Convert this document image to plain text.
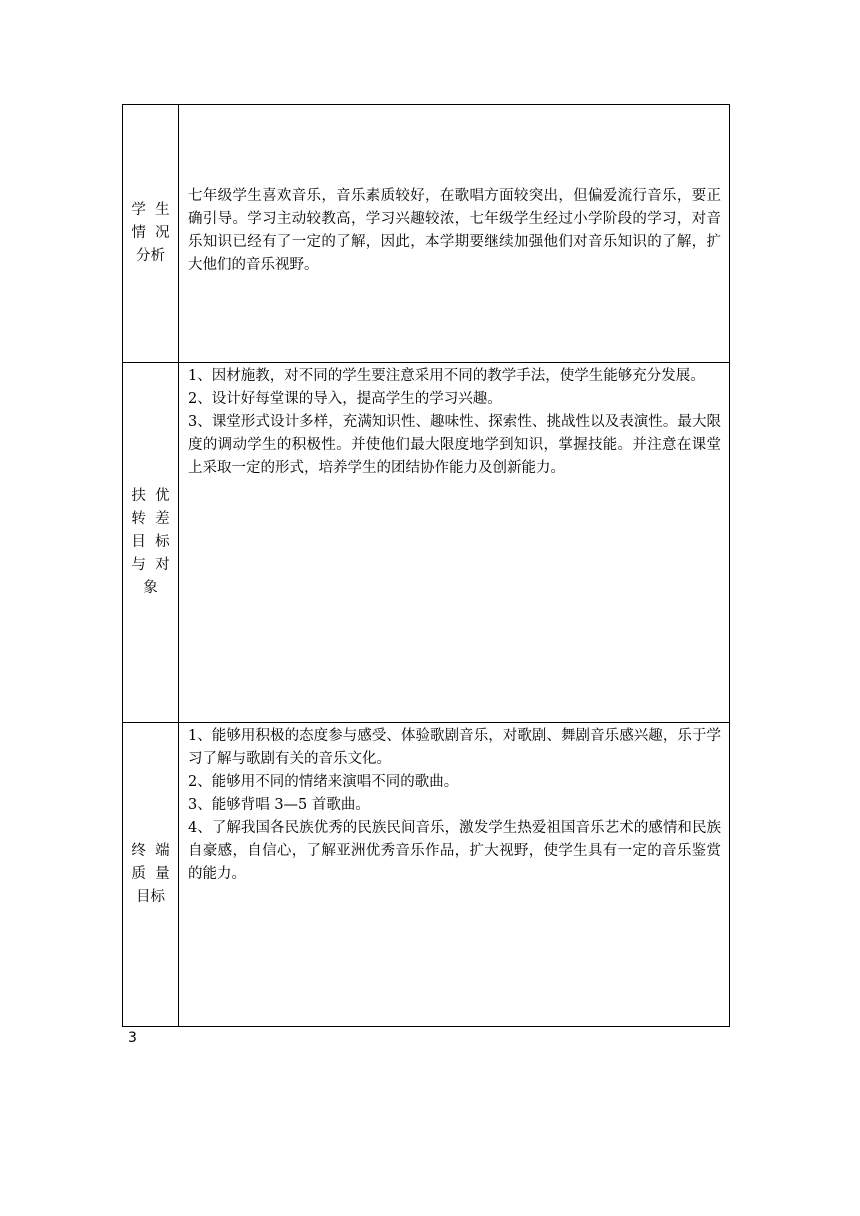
学  生
情  况
分析	七年级学生喜欢音乐，音乐素质较好，在歌唱方面较突出，但偏爱流行音乐，要正确引导。学习主动较教高，学习兴趣较浓，七年级学生经过小学阶段的学习，对音乐知识已经有了一定的了解，因此，本学期要继续加强他们对音乐知识的了解，扩大他们的音乐视野。

扶  优
转  差
目  标
与  对
象	1、因材施教，对不同的学生要注意采用不同的教学手法，使学生能够充分发展。
2、设计好每堂课的导入，提高学生的学习兴趣。
3、课堂形式设计多样，充满知识性、趣味性、探索性、挑战性以及表演性。最大限度的调动学生的积极性。并使他们最大限度地学到知识，掌握技能。并注意在课堂上采取一定的形式，培养学生的团结协作能力及创新能力。

终  端
质  量
目标	1、能够用积极的态度参与感受、体验歌剧音乐，对歌剧、舞剧音乐感兴趣，乐于学习了解与歌剧有关的音乐文化。
2、能够用不同的情绪来演唱不同的歌曲。
3、能够背唱 3—5 首歌曲。
4、了解我国各民族优秀的民族民间音乐，激发学生热爱祖国音乐艺术的感情和民族自豪感，自信心，了解亚洲优秀音乐作品，扩大视野，使学生具有一定的音乐鉴赏的能力。
3
